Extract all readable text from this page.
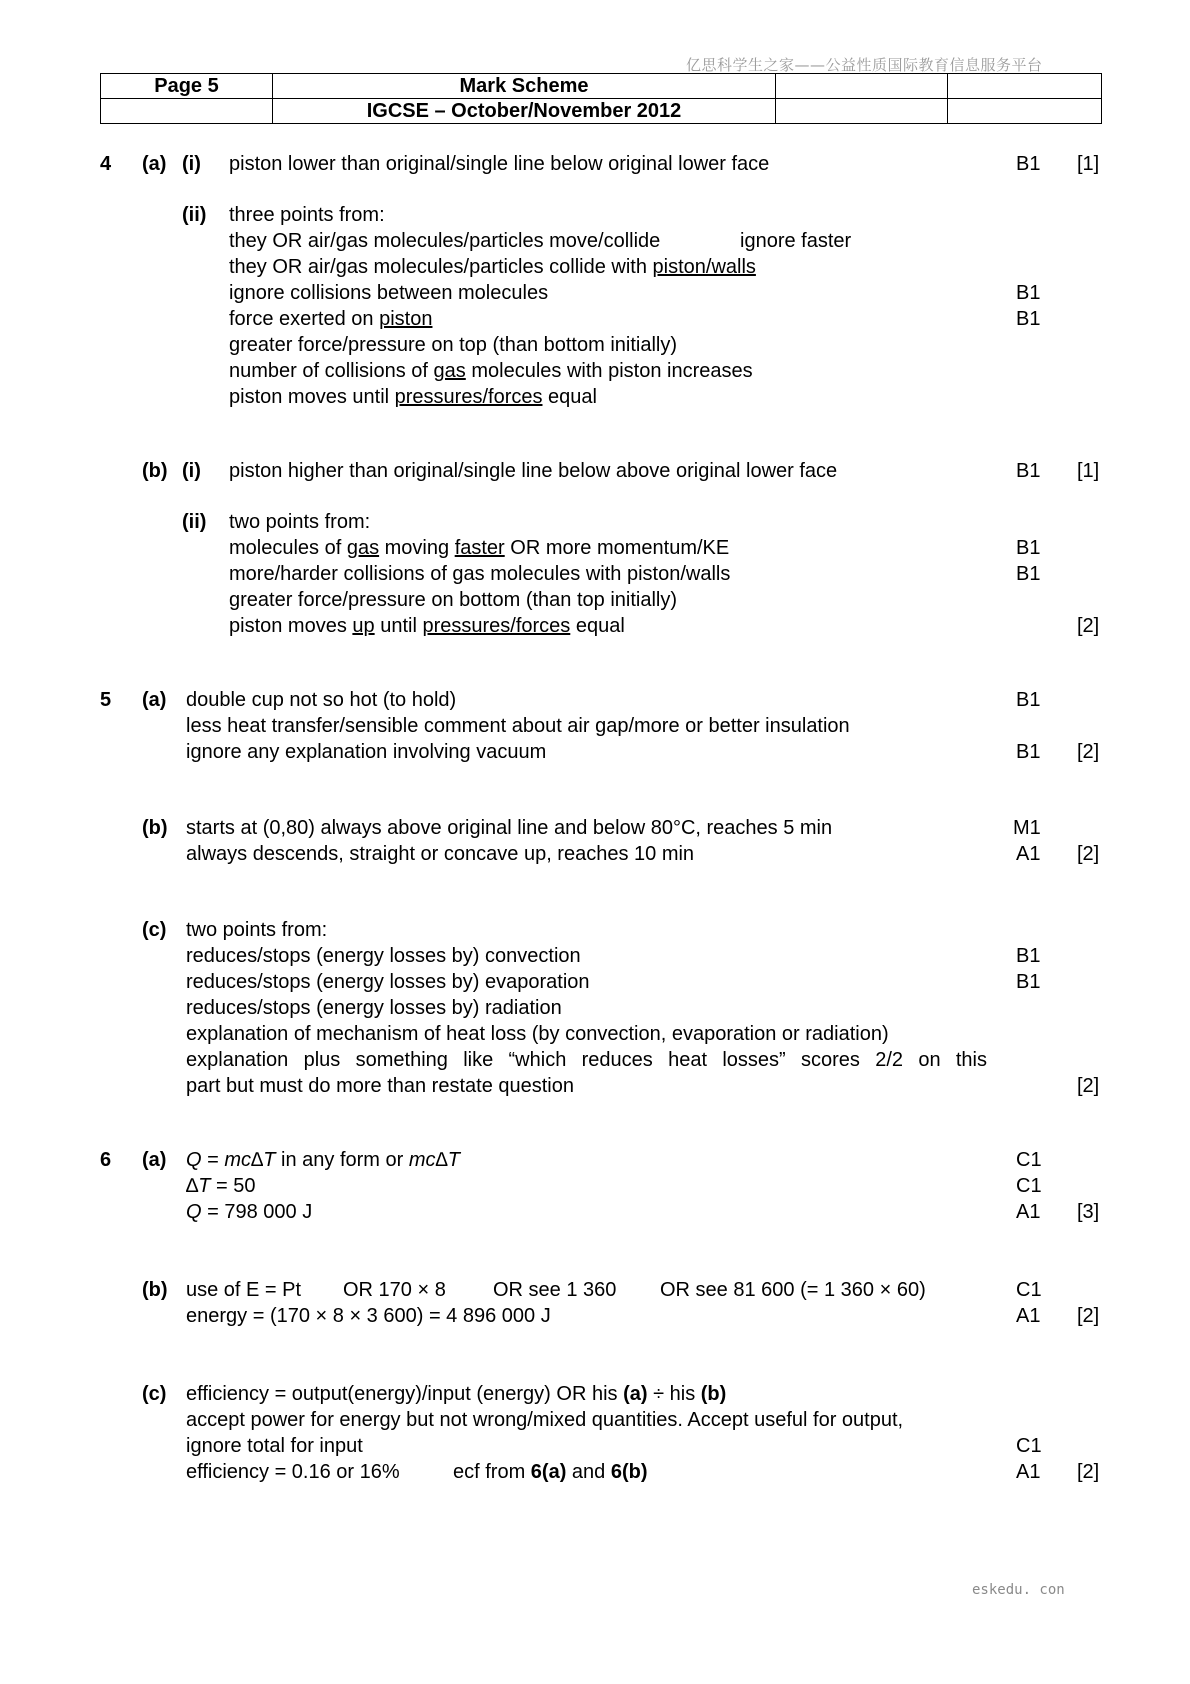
亿思科学生之家——公益性质国际教育信息服务平台
Page 5	Mark Scheme		
	IGCSE – October/November 2012		
4 (a) (i) piston lower than original/single line below original lower face	B1 [1]
(ii) three points from:
they OR air/gas molecules/particles move/collide	ignore faster
they OR air/gas molecules/particles collide with piston/walls
ignore collisions between molecules	B1
force exerted on piston	B1
greater force/pressure on top (than bottom initially)
number of collisions of gas molecules with piston increases
piston moves until pressures/forces equal
(b) (i) piston higher than original/single line below above original lower face	B1 [1]
(ii) two points from:
molecules of gas moving faster OR more momentum/KE	B1
more/harder collisions of gas molecules with piston/walls	B1
greater force/pressure on bottom (than top initially)
piston moves up until pressures/forces equal	[2]
5 (a) double cup not so hot (to hold)	B1
less heat transfer/sensible comment about air gap/more or better insulation
ignore any explanation involving vacuum	B1 [2]
(b) starts at (0,80) always above original line and below 80°C, reaches 5 min	M1
always descends, straight or concave up, reaches 10 min	A1 [2]
(c) two points from:
reduces/stops (energy losses by) convection	B1
reduces/stops (energy losses by) evaporation	B1
reduces/stops (energy losses by) radiation
explanation of mechanism of heat loss (by convection, evaporation or radiation)
explanation plus something like “which reduces heat losses” scores 2/2 on this
part but must do more than restate question	[2]
6 (a) Q = mc∆T in any form or mc∆T	C1
∆T = 50	C1
Q = 798 000 J	A1 [3]
(b) use of E = Pt OR 170 × 8 OR see 1 360 OR see 81 600 (= 1 360 × 60)	C1
energy = (170 × 8 × 3 600) = 4 896 000 J	A1 [2]
(c) efficiency = output(energy)/input (energy) OR his (a) ÷ his (b)
accept power for energy but not wrong/mixed quantities. Accept useful for output,
ignore total for input	C1
efficiency = 0.16 or 16%	ecf from 6(a) and 6(b)	A1 [2]
eskedu. con
